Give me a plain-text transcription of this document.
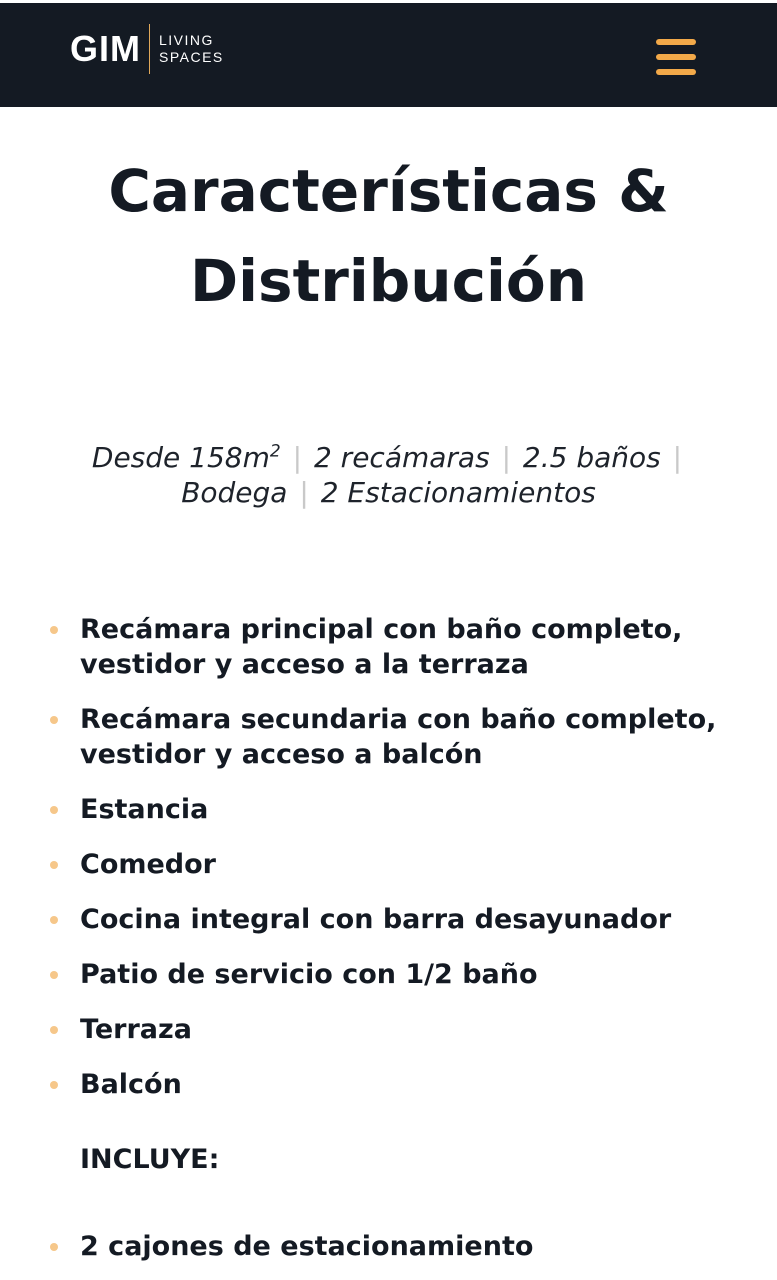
GIM LIVING
SPACES
Características &
Distribución
Desde $158m^2$ | 2 recámaras | 2.5 baños |
Bodega | 2 Estacionamientos
Recámara principal con baño completo, vestidor y acceso a la terraza
Recámara secundaria con baño completo, vestidor y acceso a balcón
Estancia
Comedor
Cocina integral con barra desayunador
Patio de servicio con 1/2 baño
Terraza
Balcón
INCLUYE:
2 cajones de estacionamiento
